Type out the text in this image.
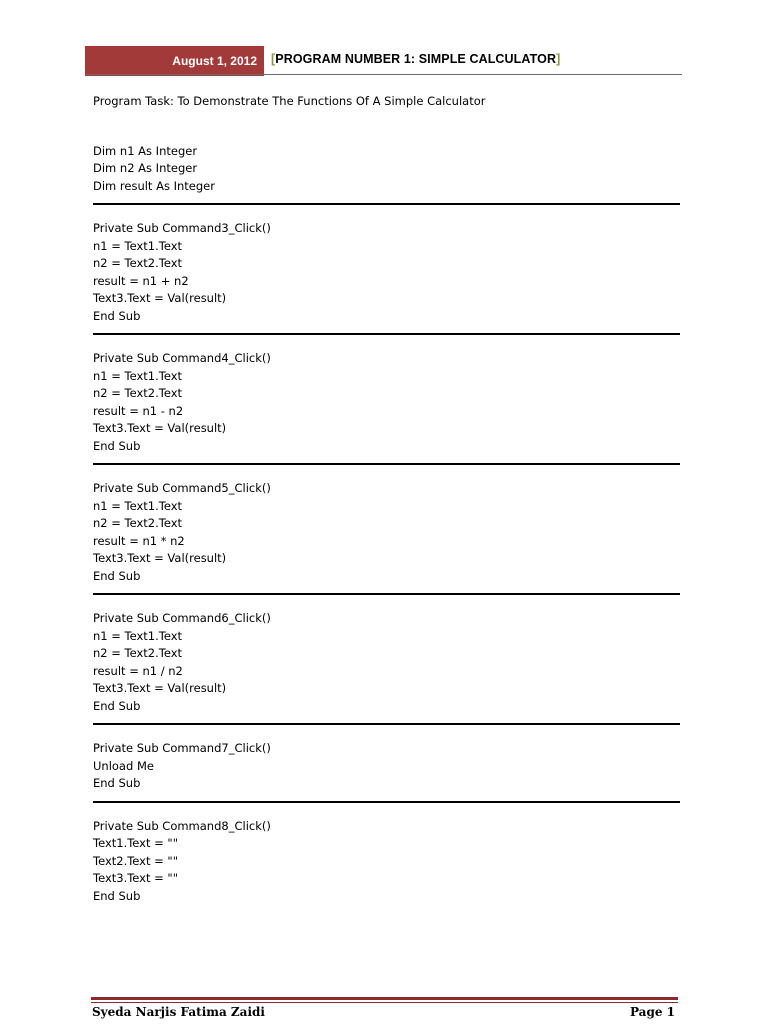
August 1, 2012 [PROGRAM NUMBER 1: SIMPLE CALCULATOR]
Program Task: To Demonstrate The Functions Of A Simple Calculator
Dim n1 As Integer
Dim n2 As Integer
Dim result As Integer
Private Sub Command3_Click()
n1 = Text1.Text
n2 = Text2.Text
result = n1 + n2
Text3.Text = Val(result)
End Sub
Private Sub Command4_Click()
n1 = Text1.Text
n2 = Text2.Text
result = n1 - n2
Text3.Text = Val(result)
End Sub
Private Sub Command5_Click()
n1 = Text1.Text
n2 = Text2.Text
result = n1 * n2
Text3.Text = Val(result)
End Sub
Private Sub Command6_Click()
n1 = Text1.Text
n2 = Text2.Text
result = n1 / n2
Text3.Text = Val(result)
End Sub
Private Sub Command7_Click()
Unload Me
End Sub
Private Sub Command8_Click()
Text1.Text = ""
Text2.Text = ""
Text3.Text = ""
End Sub
Syeda Narjis Fatima Zaidi	Page 1
